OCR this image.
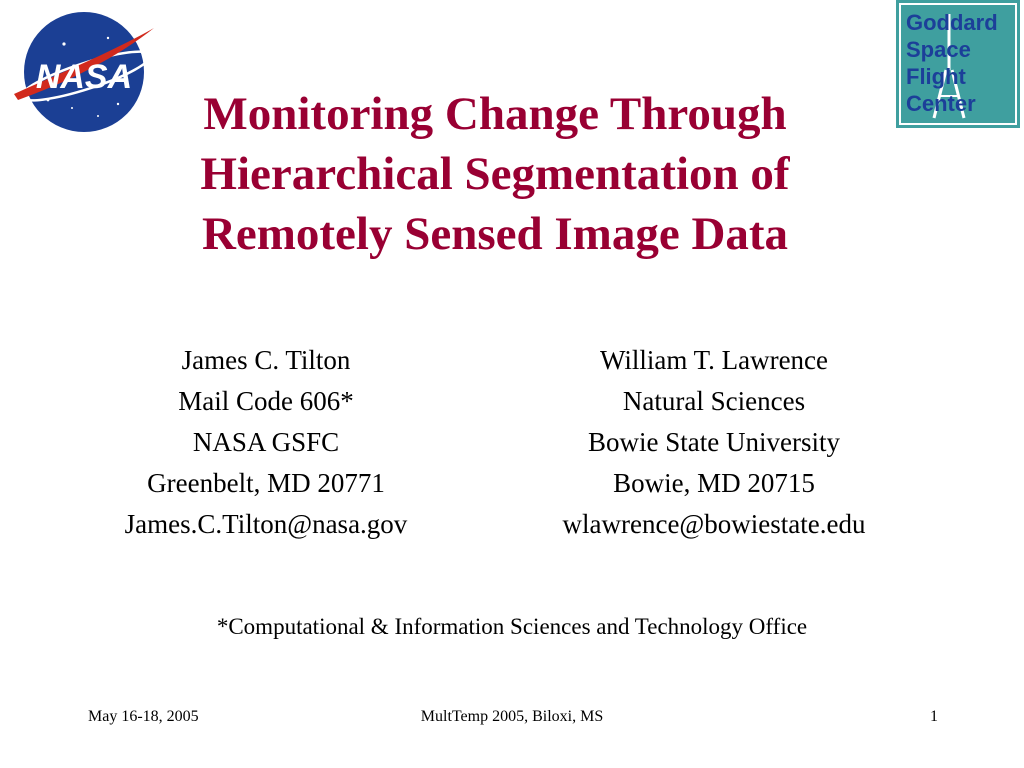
NASA
Goddard
Space
Flight
Center
Monitoring Change Through
Hierarchical Segmentation of
Remotely Sensed Image Data
James C. Tilton
Mail Code 606*
NASA GSFC
Greenbelt, MD 20771
James.C.Tilton@nasa.gov
William T. Lawrence
Natural Sciences
Bowie State University
Bowie, MD 20715
wlawrence@bowiestate.edu
*Computational & Information Sciences and Technology Office
MultTemp 2005, Biloxi, MS
May 16-18, 2005	1
